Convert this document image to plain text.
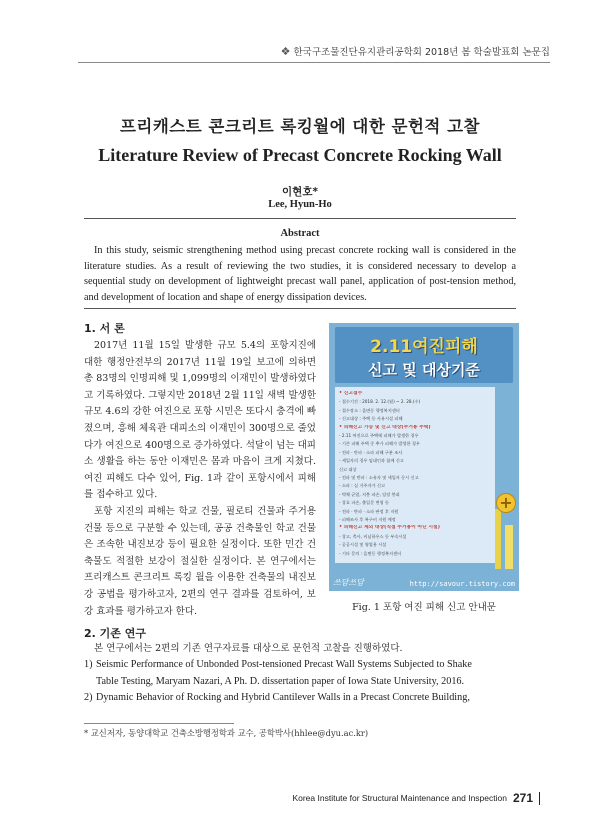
❖ 한국구조물진단유지관리공학회 2018년 봄 학술발표회 논문집
프리캐스트 콘크리트 록킹월에 대한 문헌적 고찰
Literature Review of Precast Concrete Rocking Wall
이현호*
Lee, Hyun-Ho
Abstract
In this study, seismic strengthening method using precast concrete rocking wall is considered in the literature studies. As a result of reviewing the two studies, it is considered necessary to develop a sequential study on development of lightweight precast wall panel, application of post-tension method, and development of location and shape of energy dissipation devices.
1. 서 론

2017년 11월 15일 발생한 규모 5.4의 포항지진에 대한 행정안전부의 2017년 11월 19일 보고에 의하면 총 83명의 인명피해 및 1,099명의 이재민이 발생하였다고 기록하였다. 그렇지만 2018년 2월 11일 새벽 발생한 규모 4.6의 강한 여진으로 포항 시민은 또다시 충격에 빠졌으며, 흥해 체육관 대피소의 이재민이 300명으로 줄었다가 여진으로 400명으로 증가하였다. 석달이 넘는 대피소 생활을 하는 동안 이재민은 몸과 마음이 크게 지쳤다. 여진 피해도 다수 있어, Fig. 1과 같이 포항시에서 피해를 접수하고 있다.

포항 지진의 피해는 학교 건물, 필로티 건물과 주거용 건물 등으로 구분할 수 있는데, 공공 건축물인 학교 건물은 조속한 내진보강 등이 필요한 실정이다. 또한 민간 건축물도 적절한 보강이 절실한 실정이다. 본 연구에서는 프리캐스트 콘크리트 록킹 월을 이용한 건축물의 내진보강 공법을 평가하고자, 2편의 연구 결과를 검토하여, 보강 효과를 평가하고자 한다.

2.11여진피해
신고 및 대상기준
• 신고접수
- 접수기간 : 2018. 2. 12.(월) ~ 2. 28.(수)
- 접수장소 : 읍면동 행정복지센터
- 신고대상 : 주택 등 사유시설 피해
• 피해신고 가능 및 신고 대상(주거용 주택)
- 2.11 여진으로 주택에 피해가 발생한 경우
- 기존 피해 주택 중 추가 피해가 발생한 경우
- 전파 · 반파 · 소파 피해 구분 조사
- 세입자의 경우 임대인과 함께 신고
신고 대상
- 전파 및 반파 : 소유자 및 세입자 동시 신고
- 소파 : 실 거주자가 신고
- 벽체 균열, 지붕 파손, 담장 붕괴
- 창호 파손, 출입문 변형 등
- 전파 · 반파 · 소파 판정 후 지원
- 피해조사 후 복구비 지원 예정
• 피해신고 제외 대상(직접 주거용이 아닌 시설)
- 창고, 축사, 비닐하우스 등 부속시설
- 공공시설 및 영업용 시설
- 기타 문의 : 읍면동 행정복지센터
+
쓰담쓰담	http://savour.tistory.com
Fig. 1 포항 여진 피해 신고 안내문
2. 기존 연구
본 연구에서는 2편의 기존 연구자료를 대상으로 문헌적 고찰을 진행하였다.
1) Seismic Performance of Unbonded Post-tensioned Precast Wall Systems Subjected to Shake
Table Testing, Maryam Nazari, A Ph. D. dissertation paper of Iowa State University, 2016.
2) Dynamic Behavior of Rocking and Hybrid Cantilever Walls in a Precast Concrete Building,
* 교신저자, 동양대학교 건축소방행정학과 교수, 공학박사(hhlee@dyu.ac.kr)
Korea Institute for Structural Maintenance and Inspection 271
